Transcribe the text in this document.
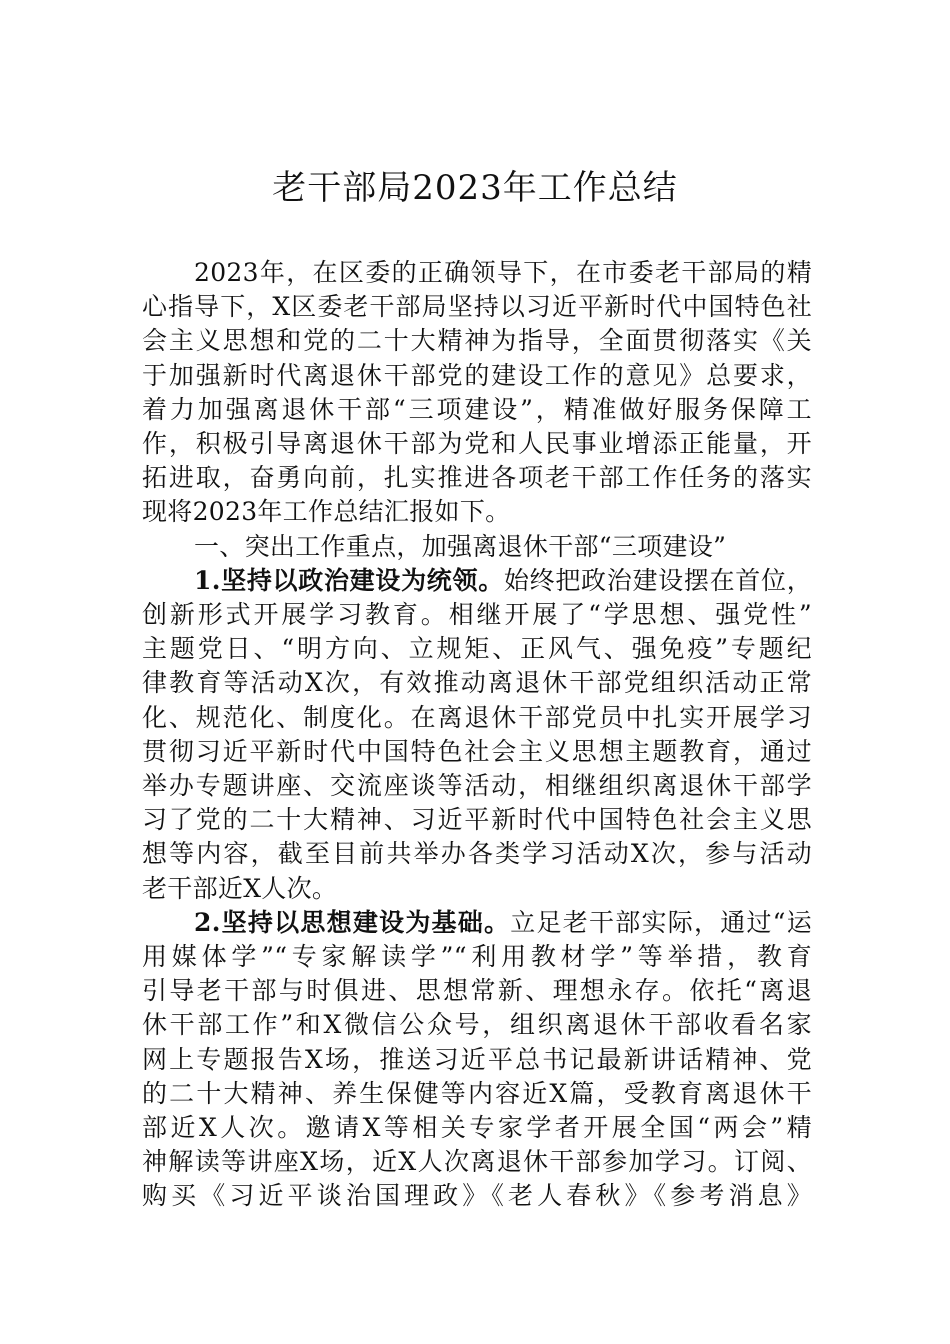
老干部局2023年工作总结
2023年，在区委的正确领导下，在市委老干部局的精
心指导下，X区委老干部局坚持以习近平新时代中国特色社
会主义思想和党的二十大精神为指导，全面贯彻落实《关
于加强新时代离退休干部党的建设工作的意见》总要求，
着力加强离退休干部“三项建设”，精准做好服务保障工
作，积极引导离退休干部为党和人民事业增添正能量，开
拓进取，奋勇向前，扎实推进各项老干部工作任务的落实
现将2023年工作总结汇报如下。
一、突出工作重点，加强离退休干部“三项建设”
1.坚持以政治建设为统领。始终把政治建设摆在首位，
创新形式开展学习教育。相继开展了“学思想、强党性”
主题党日、“明方向、立规矩、正风气、强免疫”专题纪
律教育等活动X次，有效推动离退休干部党组织活动正常
化、规范化、制度化。在离退休干部党员中扎实开展学习
贯彻习近平新时代中国特色社会主义思想主题教育，通过
举办专题讲座、交流座谈等活动，相继组织离退休干部学
习了党的二十大精神、习近平新时代中国特色社会主义思
想等内容，截至目前共举办各类学习活动X次，参与活动
老干部近X人次。
2.坚持以思想建设为基础。立足老干部实际，通过“运
用媒体学”“专家解读学”“利用教材学”等举措，教育
引导老干部与时俱进、思想常新、理想永存。依托“离退
休干部工作”和X微信公众号，组织离退休干部收看名家
网上专题报告X场，推送习近平总书记最新讲话精神、党
的二十大精神、养生保健等内容近X篇，受教育离退休干
部近X人次。邀请X等相关专家学者开展全国“两会”精
神解读等讲座X场，近X人次离退休干部参加学习。订阅、
购买《习近平谈治国理政》《老人春秋》《参考消息》
